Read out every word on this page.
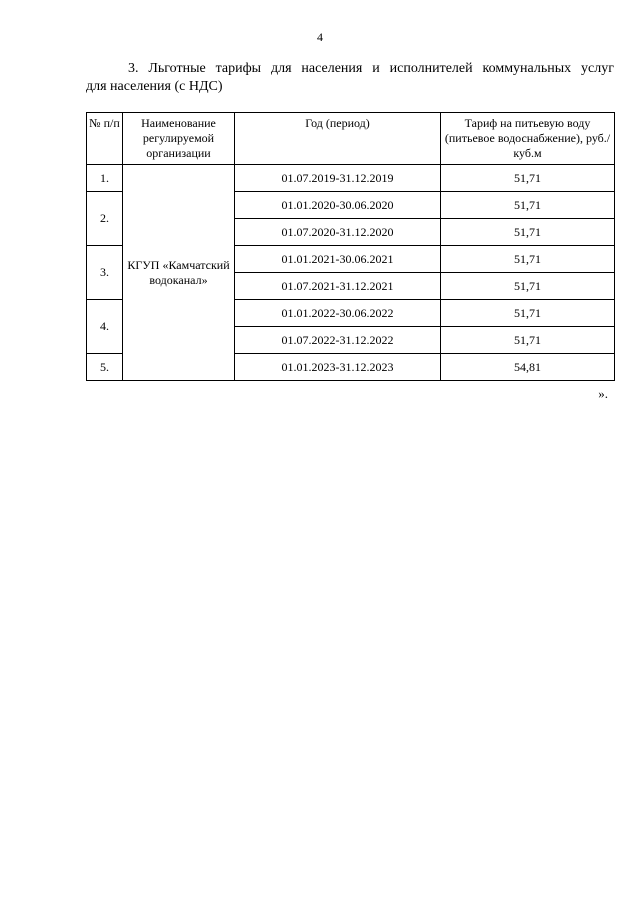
4
3. Льготные тарифы для населения и исполнителей коммунальных услуг
для населения (с НДС)
№ п/п	Наименование регулируемой организации	Год (период)	Тариф на питьевую воду (питьевое водоснабжение), руб./куб.м
1.	КГУП «Камчатский водоканал»	01.07.2019-31.12.2019	51,71
2.		01.01.2020-30.06.2020	51,71
		01.07.2020-31.12.2020	51,71
3.		01.01.2021-30.06.2021	51,71
		01.07.2021-31.12.2021	51,71
4.		01.01.2022-30.06.2022	51,71
		01.07.2022-31.12.2022	51,71
5.		01.01.2023-31.12.2023	54,81
».
